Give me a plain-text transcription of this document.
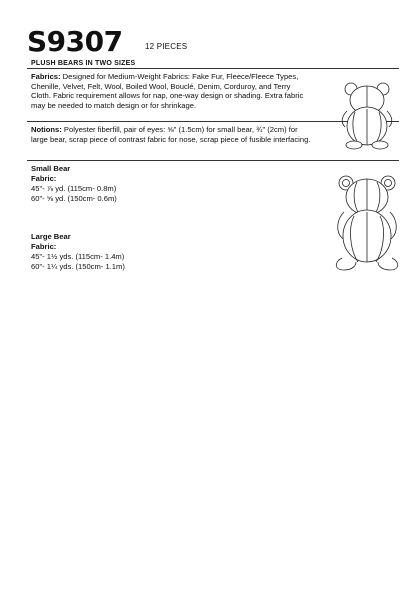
S9307	12 PIECES
PLUSH BEARS IN TWO SIZES
Fabrics: Designed for Medium-Weight Fabrics: Fake Fur, Fleece/Fleece Types, Chenille, Velvet, Felt, Wool, Boiled Wool, Bouclé, Denim, Corduroy, and Terry Cloth. Fabric requirement allows for nap, one-way design or shading. Extra fabric may be needed to match design or for shrinkage.
Notions: Polyester fiberfill, pair of eyes: ⅝" (1.5cm) for small bear, ¾" (2cm) for large bear, scrap piece of contrast fabric for nose, scrap piece of fusible interfacing.
Small Bear
Fabric:
45"- ⅞ yd. (115cm- 0.8m)
60"- ⅝ yd. (150cm- 0.6m)
Large Bear
Fabric:
45"- 1½ yds. (115cm- 1.4m)
60"- 1¼ yds. (150cm- 1.1m)
